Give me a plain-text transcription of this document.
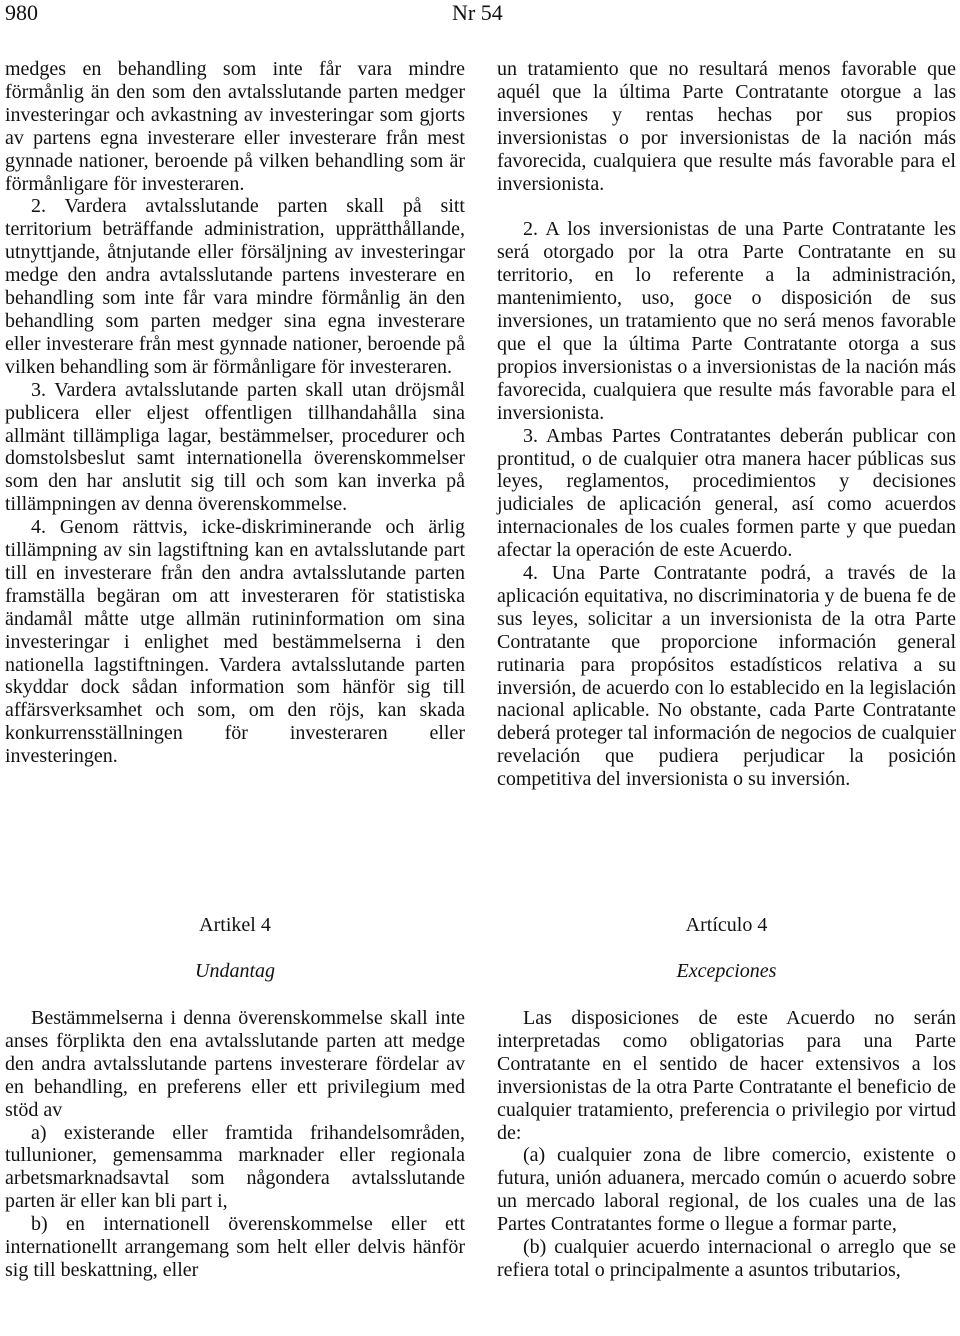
980	Nr 54

medges en behandling som inte får vara mindre förmånlig än den som den avtalsslutande parten medger investeringar och avkastning av investeringar som gjorts av partens egna investerare eller investerare från mest gynnade nationer, beroende på vilken behandling som är förmånligare för investeraren.

2. Vardera avtalsslutande parten skall på sitt territorium beträffande administration, upprätthållande, utnyttjande, åtnjutande eller försäljning av investeringar medge den andra avtalsslutande partens investerare en behandling som inte får vara mindre förmånlig än den behandling som parten medger sina egna investerare eller investerare från mest gynnade nationer, beroende på vilken behandling som är förmånligare för investeraren.

3. Vardera avtalsslutande parten skall utan dröjsmål publicera eller eljest offentligen tillhandahålla sina allmänt tillämpliga lagar, bestämmelser, procedurer och domstolsbeslut samt internationella överenskommelser som den har anslutit sig till och som kan inverka på tillämpningen av denna överenskommelse.

4. Genom rättvis, icke-diskriminerande och ärlig tillämpning av sin lagstiftning kan en avtalsslutande part till en investerare från den andra avtalsslutande parten framställa begäran om att investeraren för statistiska ändamål måtte utge allmän rutininformation om sina investeringar i enlighet med bestämmelserna i den nationella lagstiftningen. Vardera avtalsslutande parten skyddar dock sådan information som hänför sig till affärsverksamhet och som, om den röjs, kan skada konkurrensställningen för investeraren eller investeringen.

un tratamiento que no resultará menos favorable que aquél que la última Parte Contratante otorgue a las inversiones y rentas hechas por sus propios inversionistas o por inversionistas de la nación más favorecida, cualquiera que resulte más favorable para el inversionista.

2. A los inversionistas de una Parte Contratante les será otorgado por la otra Parte Contratante en su territorio, en lo referente a la administración, mantenimiento, uso, goce o disposición de sus inversiones, un tratamiento que no será menos favorable que el que la última Parte Contratante otorga a sus propios inversionistas o a inversionistas de la nación más favorecida, cualquiera que resulte más favorable para el inversionista.

3. Ambas Partes Contratantes deberán publicar con prontitud, o de cualquier otra manera hacer públicas sus leyes, reglamentos, procedimientos y decisiones judiciales de aplicación general, así como acuerdos internacionales de los cuales formen parte y que puedan afectar la operación de este Acuerdo.

4. Una Parte Contratante podrá, a través de la aplicación equitativa, no discriminatoria y de buena fe de sus leyes, solicitar a un inversionista de la otra Parte Contratante que proporcione información general rutinaria para propósitos estadísticos relativa a su inversión, de acuerdo con lo establecido en la legislación nacional aplicable. No obstante, cada Parte Contratante deberá proteger tal información de negocios de cualquier revelación que pudiera perjudicar la posición competitiva del inversionista o su inversión.

Artikel 4

Undantag

Artículo 4

Excepciones

Bestämmelserna i denna överenskommelse skall inte anses förplikta den ena avtalsslutande parten att medge den andra avtalsslutande partens investerare fördelar av en behandling, en preferens eller ett privilegium med stöd av

a) existerande eller framtida frihandelsområden, tullunioner, gemensamma marknader eller regionala arbetsmarknadsavtal som någondera avtalsslutande parten är eller kan bli part i,

b) en internationell överenskommelse eller ett internationellt arrangemang som helt eller delvis hänför sig till beskattning, eller

Las disposiciones de este Acuerdo no serán interpretadas como obligatorias para una Parte Contratante en el sentido de hacer extensivos a los inversionistas de la otra Parte Contratante el beneficio de cualquier tratamiento, preferencia o privilegio por virtud de:

(a) cualquier zona de libre comercio, existente o futura, unión aduanera, mercado común o acuerdo sobre un mercado laboral regional, de los cuales una de las Partes Contratantes forme o llegue a formar parte,

(b) cualquier acuerdo internacional o arreglo que se refiera total o principalmente a asuntos tributarios,
